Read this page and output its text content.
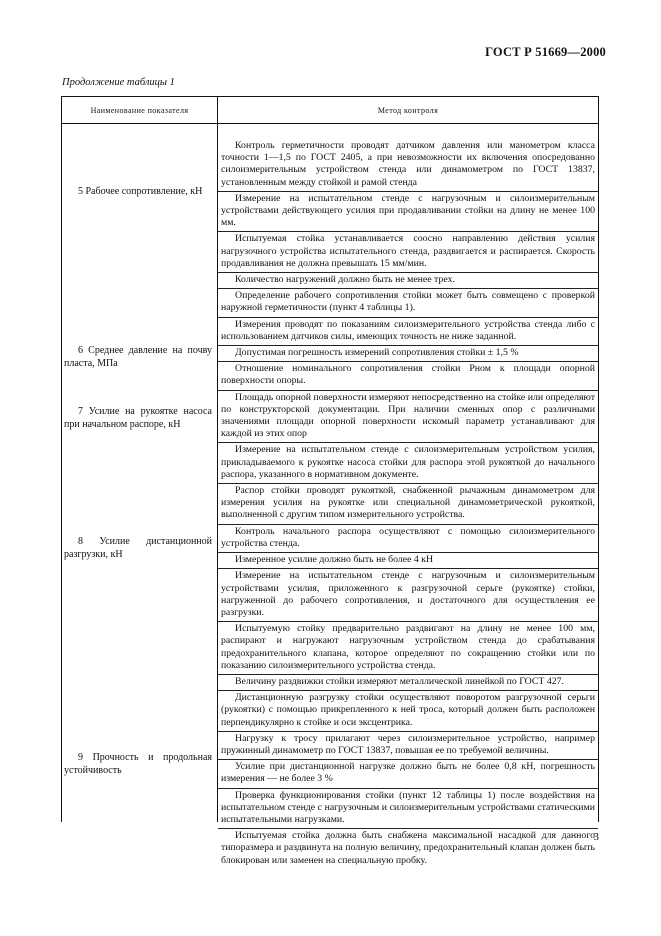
ГОСТ Р 51669—2000
Продолжение таблицы 1
Наименование показателя	Метод контроля
5 Рабочее сопротивление, кН
6 Среднее давление на почву пласта, МПа
7 Усилие на рукоятке насоса при начальном распоре, кН
8 Усилие дистанционной разгрузки, кН
9 Прочность и продольная устойчивость
Контроль герметичности проводят датчиком давления или манометром класса точности 1—1,5 по ГОСТ 2405, а при невозможности их включения опосредованно силоизмерительным устройством стенда или динамометром по ГОСТ 13837, установленным между стойкой и рамой стенда
Измерение на испытательном стенде с нагрузочным и силоизмерительным устройствами действующего усилия при продавливании стойки на длину не менее 100 мм.
Испытуемая стойка устанавливается соосно направлению действия усилия нагрузочного устройства испытательного стенда, раздвигается и распирается. Скорость продавливания не должна превышать 15 мм/мин.
Количество нагружений должно быть не менее трех.
Определение рабочего сопротивления стойки может быть совмещено с проверкой наружной герметичности (пункт 4 таблицы 1).
Измерения проводят по показаниям силоизмерительного устройства стенда либо с использованием датчиков силы, имеющих точность не ниже заданной.
Допустимая погрешность измерений сопротивления стойки ± 1,5 %
Отношение номинального сопротивления стойки Pном к площади опорной поверхности опоры.
Площадь опорной поверхности измеряют непосредственно на стойке или определяют по конструкторской документации. При наличии сменных опор с различными значениями площади опорной поверхности искомый параметр устанавливают для каждой из этих опор
Измерение на испытательном стенде с силоизмерительным устройством усилия, прикладываемого к рукоятке насоса стойки для распора этой рукояткой до начального распора, указанного в нормативном документе.
Распор стойки проводят рукояткой, снабженной рычажным динамометром для измерения усилия на рукоятке или специальной динамометрической рукояткой, выполненной с другим типом измерительного устройства.
Контроль начального распора осуществляют с помощью силоизмерительного устройства стенда.
Измеренное усилие должно быть не более 4 кН
Измерение на испытательном стенде с нагрузочным и силоизмерительным устройствами усилия, приложенного к разгрузочной серьге (рукоятке) стойки, нагруженной до рабочего сопротивления, и достаточного для осуществления ее разгрузки.
Испытуемую стойку предварительно раздвигают на длину не менее 100 мм, распирают и нагружают нагрузочным устройством стенда до срабатывания предохранительного клапана, которое определяют по сокращению стойки или по показанию силоизмерительного устройства стенда.
Величину раздвижки стойки измеряют металлической линейкой по ГОСТ 427.
Дистанционную разгрузку стойки осуществляют поворотом разгрузочной серьги (рукоятки) с помощью прикрепленного к ней троса, который должен быть расположен перпендикулярно к стойке и оси эксцентрика.
Нагрузку к тросу прилагают через силоизмерительное устройство, например пружинный динамометр по ГОСТ 13837, повышая ее по требуемой величины.
Усилие при дистанционной нагрузке должно быть не более 0,8 кН, погрешность измерения — не более 3 %
Проверка функционирования стойки (пункт 12 таблицы 1) после воздействия на испытательном стенде с нагрузочным и силоизмерительным устройствами статическими испытательными нагрузками.
Испытуемая стойка должна быть снабжена максимальной насадкой для данного типоразмера и раздвинута на полную величину, предохранительный клапан должен быть блокирован или заменен на специальную пробку.
3
